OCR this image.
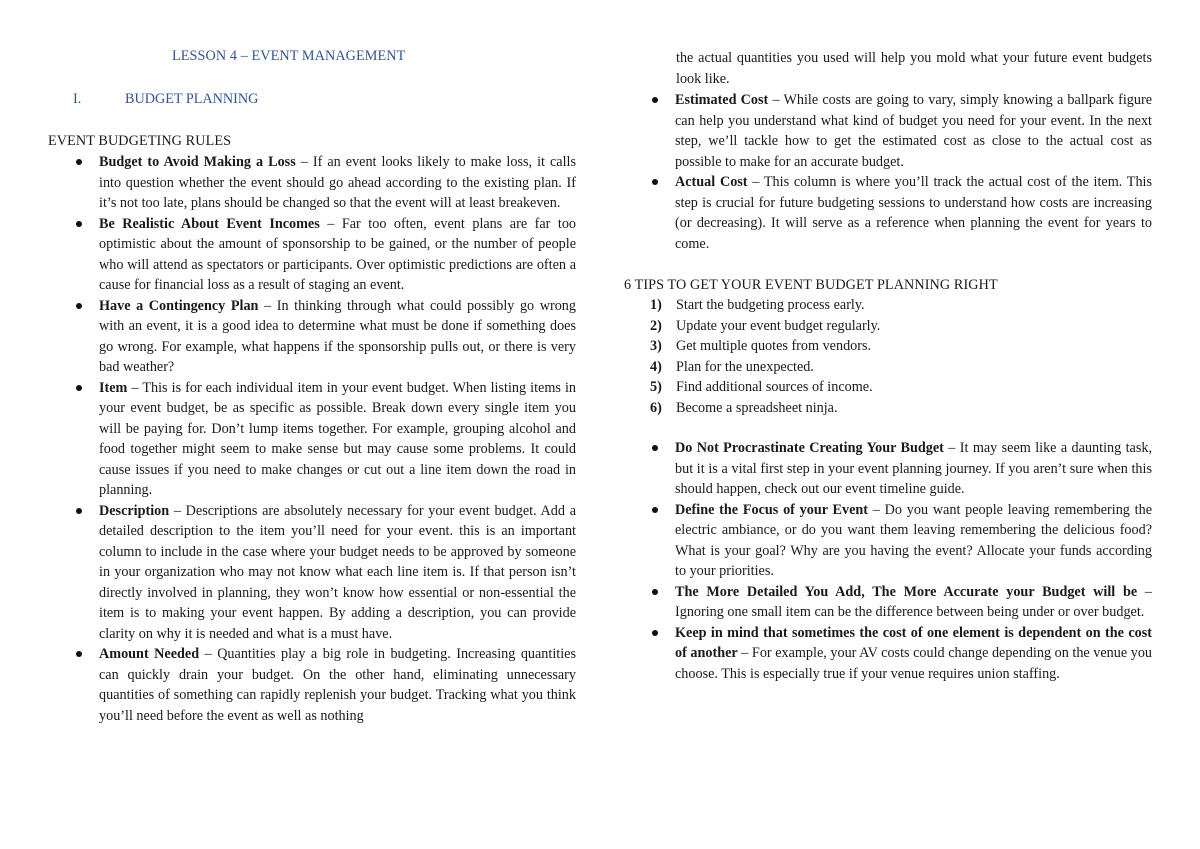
LESSON 4 – EVENT MANAGEMENT
I.	BUDGET PLANNING
EVENT BUDGETING RULES
Budget to Avoid Making a Loss – If an event looks likely to make loss, it calls into question whether the event should go ahead according to the existing plan. If it’s not too late, plans should be changed so that the event will at least breakeven.
Be Realistic About Event Incomes – Far too often, event plans are far too optimistic about the amount of sponsorship to be gained, or the number of people who will attend as spectators or participants. Over optimistic predictions are often a cause for financial loss as a result of staging an event.
Have a Contingency Plan – In thinking through what could possibly go wrong with an event, it is a good idea to determine what must be done if something does go wrong. For example, what happens if the sponsorship pulls out, or there is very bad weather?
Item – This is for each individual item in your event budget. When listing items in your event budget, be as specific as possible. Break down every single item you will be paying for. Don’t lump items together. For example, grouping alcohol and food together might seem to make sense but may cause some problems. It could cause issues if you need to make changes or cut out a line item down the road in planning.
Description – Descriptions are absolutely necessary for your event budget. Add a detailed description to the item you’ll need for your event. this is an important column to include in the case where your budget needs to be approved by someone in your organization who may not know what each line item is. If that person isn’t directly involved in planning, they won’t know how essential or non-essential the item is to making your event happen. By adding a description, you can provide clarity on why it is needed and what is a must have.
Amount Needed – Quantities play a big role in budgeting. Increasing quantities can quickly drain your budget. On the other hand, eliminating unnecessary quantities of something can rapidly replenish your budget. Tracking what you think you’ll need before the event as well as nothing
the actual quantities you used will help you mold what your future event budgets look like.
Estimated Cost – While costs are going to vary, simply knowing a ballpark figure can help you understand what kind of budget you need for your event. In the next step, we’ll tackle how to get the estimated cost as close to the actual cost as possible to make for an accurate budget.
Actual Cost – This column is where you’ll track the actual cost of the item. This step is crucial for future budgeting sessions to understand how costs are increasing (or decreasing). It will serve as a reference when planning the event for years to come.
6 TIPS TO GET YOUR EVENT BUDGET PLANNING RIGHT
1) Start the budgeting process early.
2) Update your event budget regularly.
3) Get multiple quotes from vendors.
4) Plan for the unexpected.
5) Find additional sources of income.
6) Become a spreadsheet ninja.
Do Not Procrastinate Creating Your Budget – It may seem like a daunting task, but it is a vital first step in your event planning journey. If you aren’t sure when this should happen, check out our event timeline guide.
Define the Focus of your Event – Do you want people leaving remembering the electric ambiance, or do you want them leaving remembering the delicious food? What is your goal? Why are you having the event? Allocate your funds according to your priorities.
The More Detailed You Add, The More Accurate your Budget will be – Ignoring one small item can be the difference between being under or over budget.
Keep in mind that sometimes the cost of one element is dependent on the cost of another – For example, your AV costs could change depending on the venue you choose. This is especially true if your venue requires union staffing.
